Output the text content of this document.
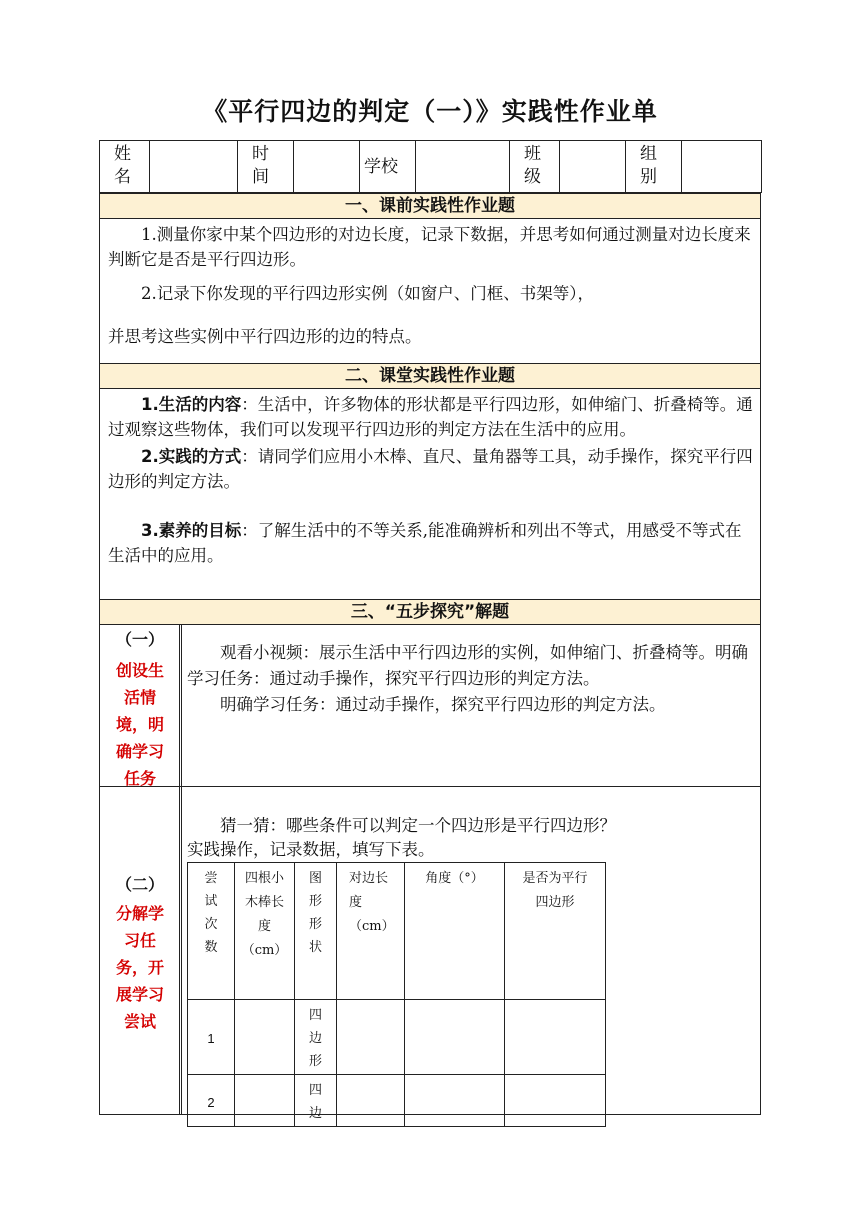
《平行四边的判定（一）》实践性作业单
姓名		时间		学校		班级		组别	
一、课前实践性作业题

1.测量你家中某个四边形的对边长度，记录下数据，并思考如何通过测量对边长度来判断它是否是平行四边形。

2.记录下你发现的平行四边形实例（如窗户、门框、书架等），

并思考这些实例中平行四边形的边的特点。

二、课堂实践性作业题

1.生活的内容：生活中，许多物体的形状都是平行四边形，如伸缩门、折叠椅等。通过观察这些物体，我们可以发现平行四边形的判定方法在生活中的应用。

2.实践的方式：请同学们应用小木棒、直尺、量角器等工具，动手操作，探究平行四边形的判定方法。

3.素养的目标：了解生活中的不等关系,能准确辨析和列出不等式，用感受不等式在生活中的应用。

三、“五步探究”解题
（一）
创设生活情境，明确学习任务

观看小视频：展示生活中平行四边形的实例，如伸缩门、折叠椅等。明确学习任务：通过动手操作，探究平行四边形的判定方法。

明确学习任务：通过动手操作，探究平行四边形的判定方法。

（二）
分解学习任务，开展学习尝试

猜一猜：哪些条件可以判定一个四边形是平行四边形？

实践操作，记录数据，填写下表。

尝试次数	四根小木棒长度（cm）	图形形状	对边长度（cm）	角度（°）	是否为平行四边形
1		四边形			
2		四边			
